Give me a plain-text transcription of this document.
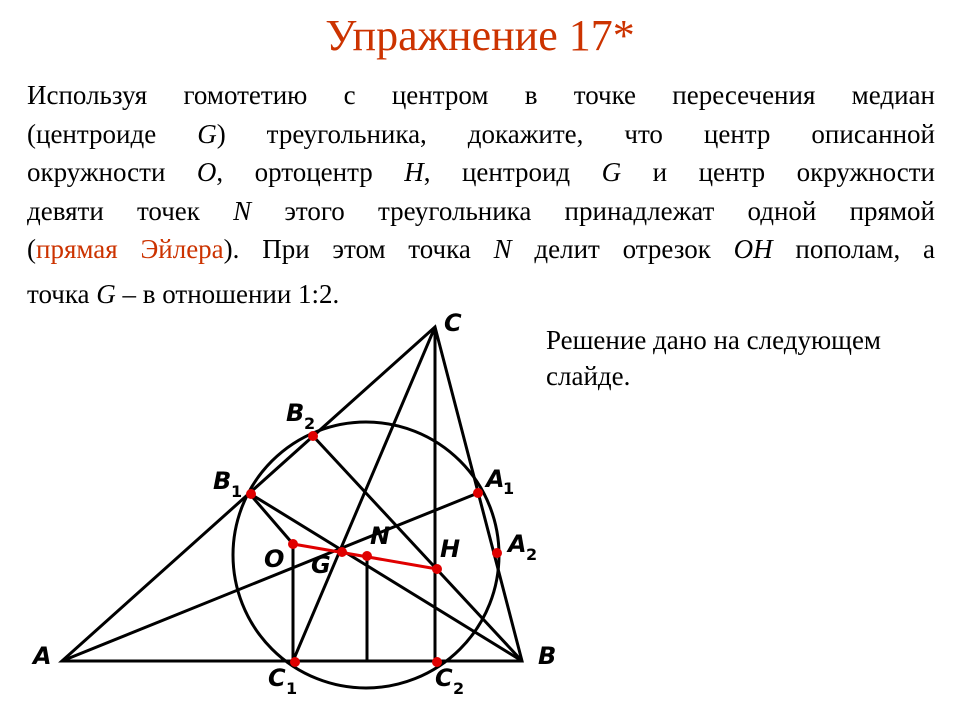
Упражнение 17*
Используя гомотетию с центром в точке пересечения медиан
(центроиде G) треугольника, докажите, что центр описанной
окружности O, ортоцентр H, центроид G и центр окружности
девяти точек N этого треугольника принадлежат одной прямой
(прямая Эйлера). При этом точка N делит отрезок OH пополам, а
точка G – в отношении 1:2.
Решение дано на следующем слайде.
A	B
C
A
1
A 2
B 1
B 2
C 1	C 2
O G
N H
